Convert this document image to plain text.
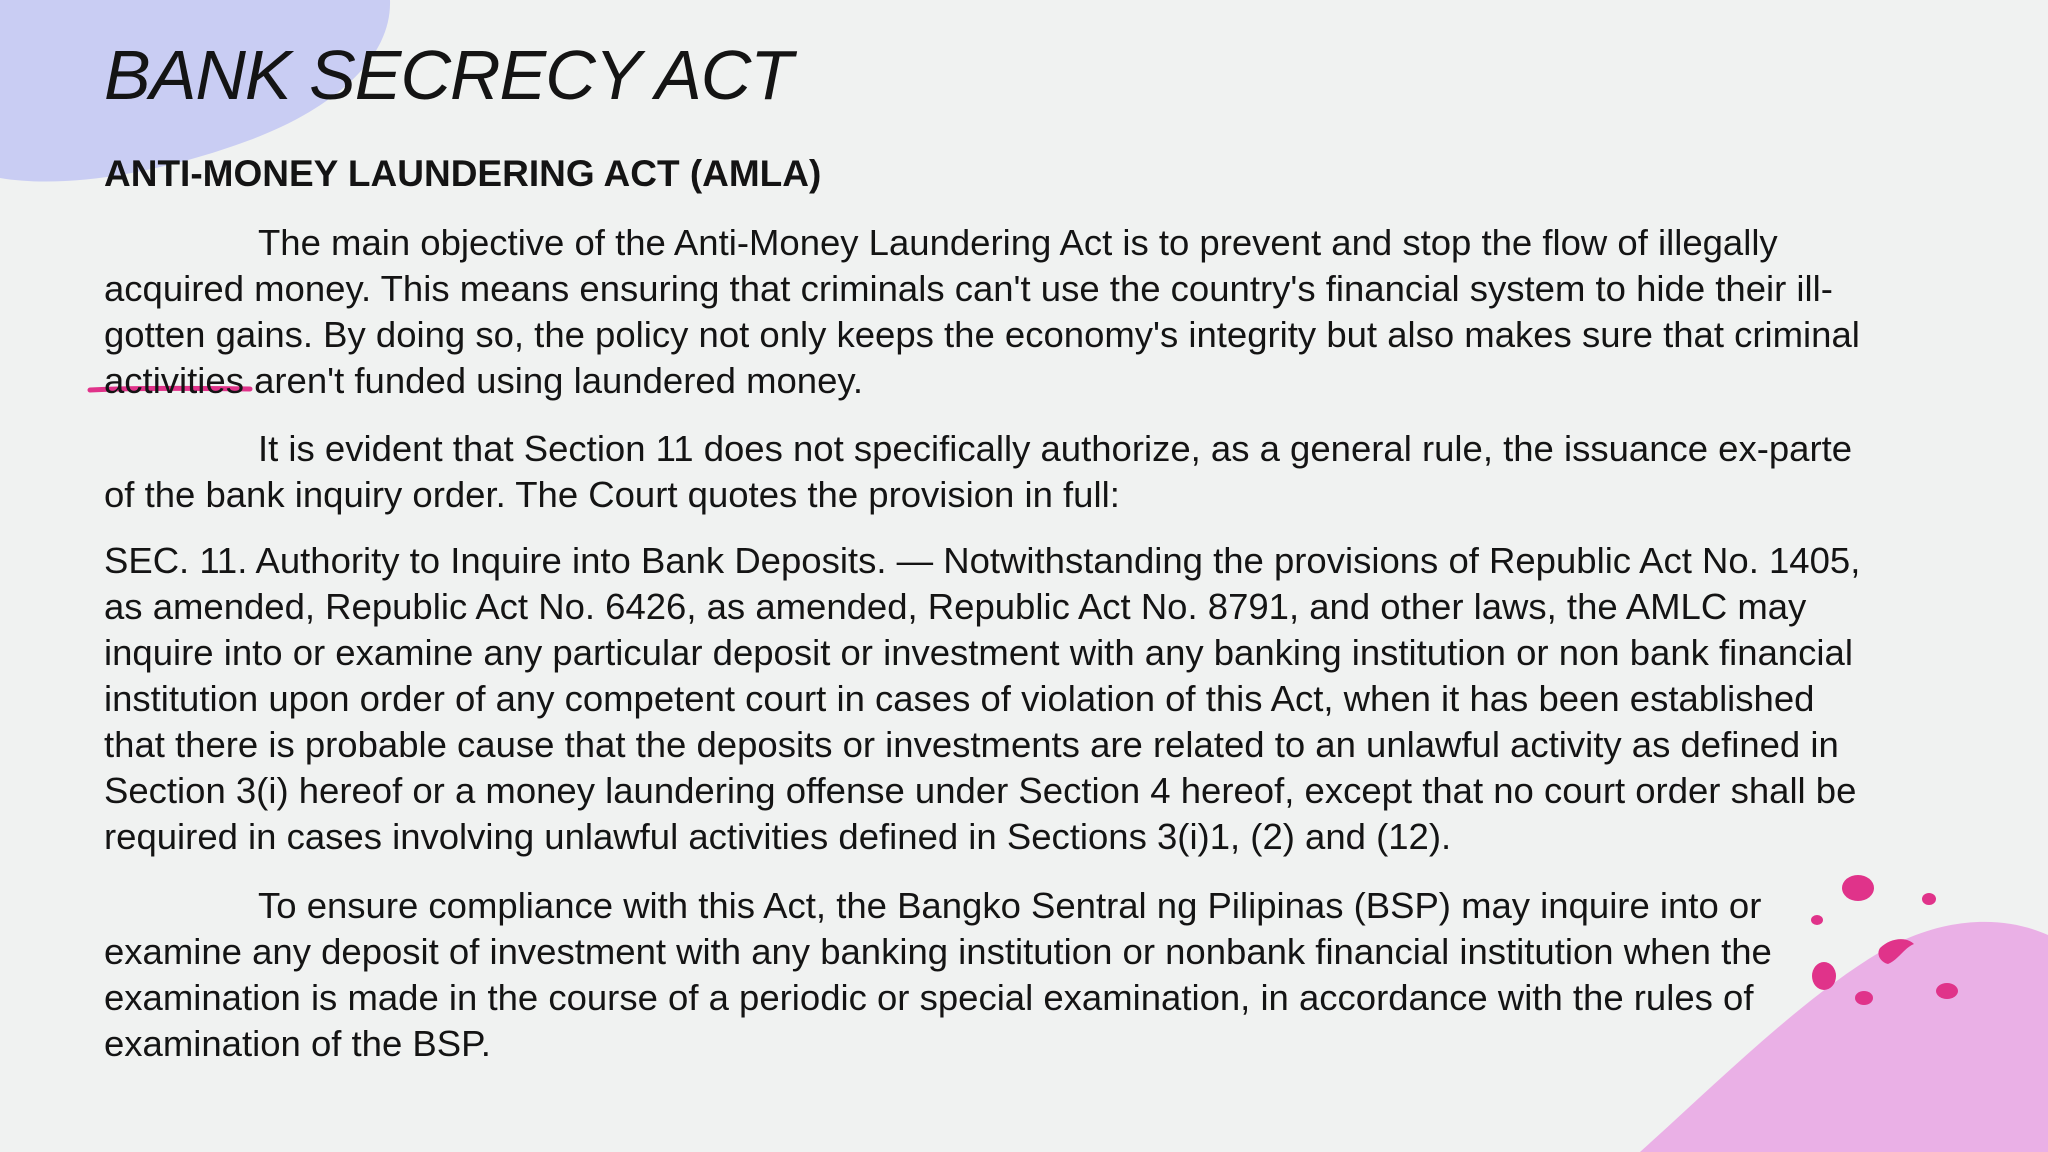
BANK SECRECY ACT
ANTI-MONEY LAUNDERING ACT (AMLA)

The main objective of the Anti-Money Laundering Act is to prevent and stop the flow of illegally
acquired money. This means ensuring that criminals can't use the country's financial system to hide their ill-
gotten gains. By doing so, the policy not only keeps the economy's integrity but also makes sure that criminal
activities aren't funded using laundered money.

It is evident that Section 11 does not specifically authorize, as a general rule, the issuance ex-parte
of the bank inquiry order. The Court quotes the provision in full:

SEC. 11. Authority to Inquire into Bank Deposits. — Notwithstanding the provisions of Republic Act No. 1405,
as amended, Republic Act No. 6426, as amended, Republic Act No. 8791, and other laws, the AMLC may
inquire into or examine any particular deposit or investment with any banking institution or non bank financial
institution upon order of any competent court in cases of violation of this Act, when it has been established
that there is probable cause that the deposits or investments are related to an unlawful activity as defined in
Section 3(i) hereof or a money laundering offense under Section 4 hereof, except that no court order shall be
required in cases involving unlawful activities defined in Sections 3(i)1, (2) and (12).

To ensure compliance with this Act, the Bangko Sentral ng Pilipinas (BSP) may inquire into or
examine any deposit of investment with any banking institution or nonbank financial institution when the
examination is made in the course of a periodic or special examination, in accordance with the rules of
examination of the BSP.
